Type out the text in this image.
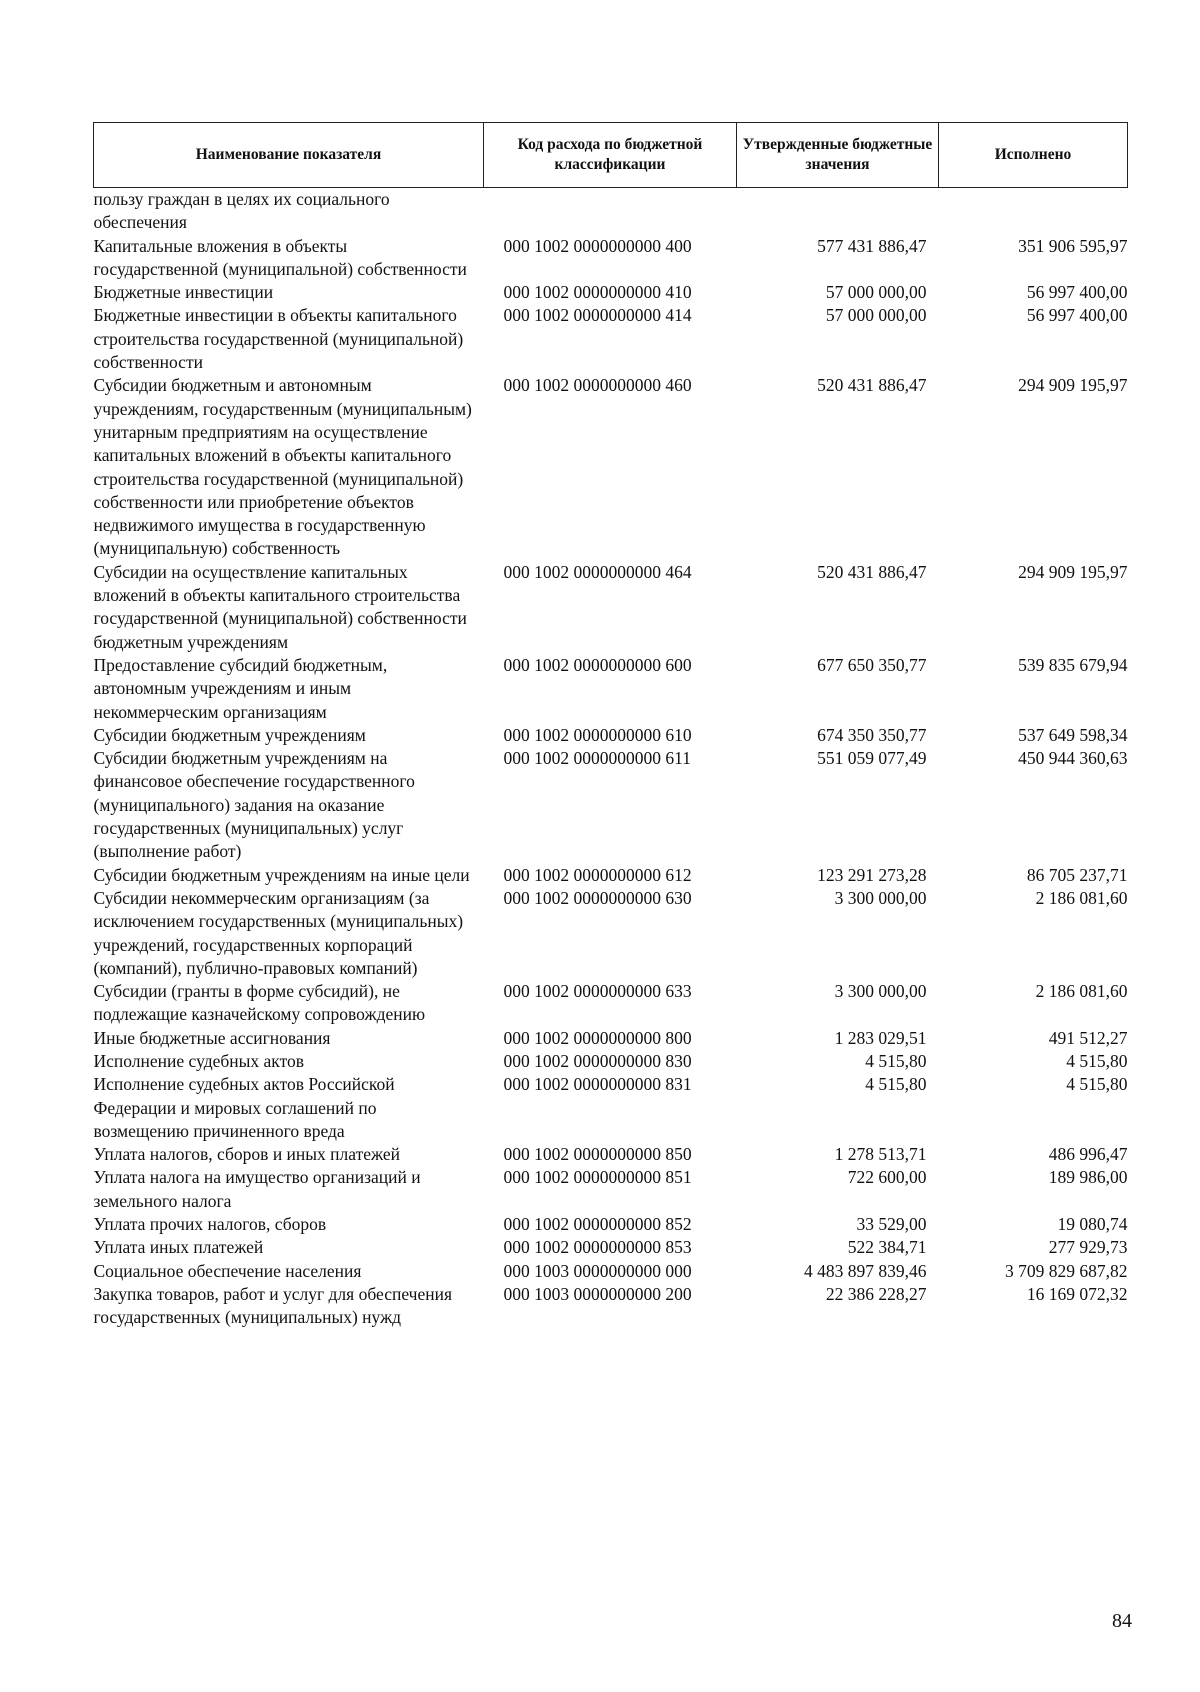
Наименование показателя	Код расхода по бюджетной классификации	Утвержденные бюджетные значения	Исполнено
пользу граждан в целях их социального обеспечения			
Капитальные вложения в объекты государственной (муниципальной) собственности	000 1002 0000000000 400	577 431 886,47	351 906 595,97
Бюджетные инвестиции	000 1002 0000000000 410	57 000 000,00	56 997 400,00
Бюджетные инвестиции в объекты капитального строительства государственной (муниципальной) собственности	000 1002 0000000000 414	57 000 000,00	56 997 400,00
Субсидии бюджетным и автономным учреждениям, государственным (муниципальным) унитарным предприятиям на осуществление капитальных вложений в объекты капитального строительства государственной (муниципальной) собственности или приобретение объектов недвижимого имущества в государственную (муниципальную) собственность	000 1002 0000000000 460	520 431 886,47	294 909 195,97
Субсидии на осуществление капитальных вложений в объекты капитального строительства государственной (муниципальной) собственности бюджетным учреждениям	000 1002 0000000000 464	520 431 886,47	294 909 195,97
Предоставление субсидий бюджетным, автономным учреждениям и иным некоммерческим организациям	000 1002 0000000000 600	677 650 350,77	539 835 679,94
Субсидии бюджетным учреждениям	000 1002 0000000000 610	674 350 350,77	537 649 598,34
Субсидии бюджетным учреждениям на финансовое обеспечение государственного (муниципального) задания на оказание государственных (муниципальных) услуг (выполнение работ)	000 1002 0000000000 611	551 059 077,49	450 944 360,63
Субсидии бюджетным учреждениям на иные цели	000 1002 0000000000 612	123 291 273,28	86 705 237,71
Субсидии некоммерческим организациям (за исключением государственных (муниципальных) учреждений, государственных корпораций (компаний), публично-правовых компаний)	000 1002 0000000000 630	3 300 000,00	2 186 081,60
Субсидии (гранты в форме субсидий), не подлежащие казначейскому сопровождению	000 1002 0000000000 633	3 300 000,00	2 186 081,60
Иные бюджетные ассигнования	000 1002 0000000000 800	1 283 029,51	491 512,27
Исполнение судебных актов	000 1002 0000000000 830	4 515,80	4 515,80
Исполнение судебных актов Российской Федерации и мировых соглашений по возмещению причиненного вреда	000 1002 0000000000 831	4 515,80	4 515,80
Уплата налогов, сборов и иных платежей	000 1002 0000000000 850	1 278 513,71	486 996,47
Уплата налога на имущество организаций и земельного налога	000 1002 0000000000 851	722 600,00	189 986,00
Уплата прочих налогов, сборов	000 1002 0000000000 852	33 529,00	19 080,74
Уплата иных платежей	000 1002 0000000000 853	522 384,71	277 929,73
Социальное обеспечение населения	000 1003 0000000000 000	4 483 897 839,46	3 709 829 687,82
Закупка товаров, работ и услуг для обеспечения государственных (муниципальных) нужд	000 1003 0000000000 200	22 386 228,27	16 169 072,32
84
